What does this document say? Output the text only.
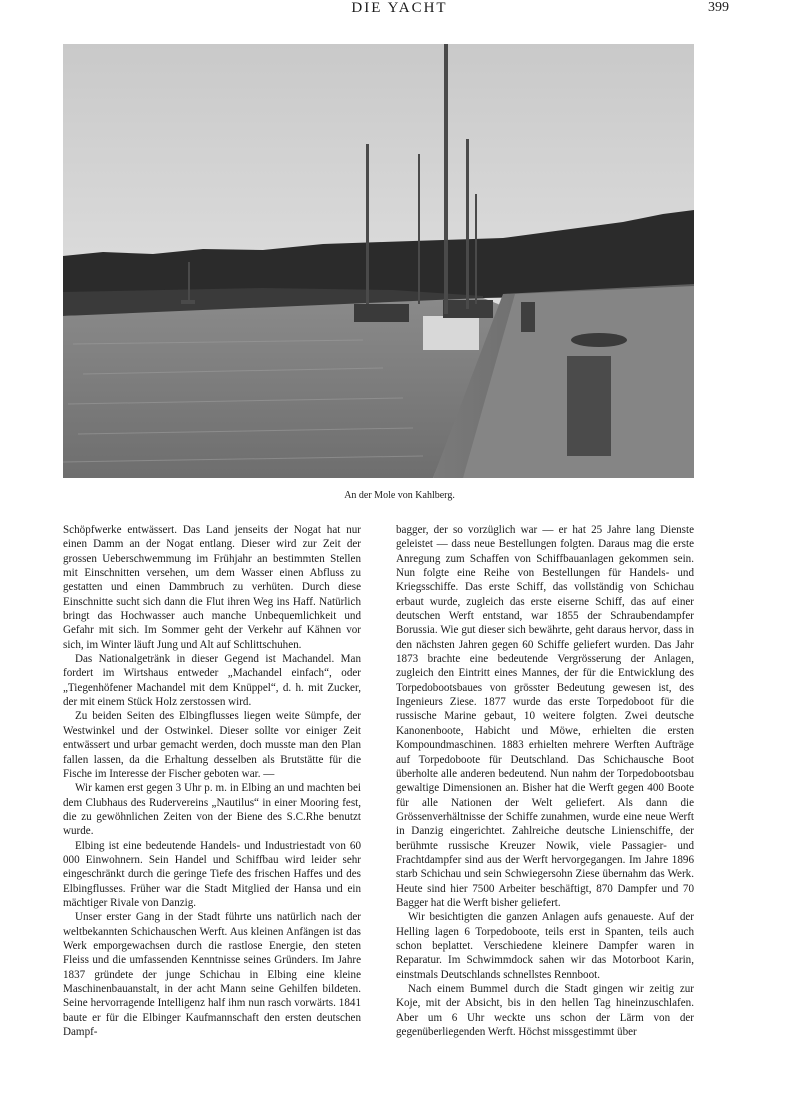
DIE YACHT	399
An der Mole von Kahlberg.

Schöpfwerke entwässert. Das Land jenseits der Nogat hat nur einen Damm an der Nogat entlang. Dieser wird zur Zeit der grossen Ueberschwemmung im Frühjahr an bestimmten Stellen mit Einschnitten versehen, um dem Wasser einen Abfluss zu gestatten und einen Dammbruch zu verhüten. Durch diese Einschnitte sucht sich dann die Flut ihren Weg ins Haff. Natürlich bringt das Hochwasser auch manche Unbequemlichkeit und Gefahr mit sich. Im Sommer geht der Verkehr auf Kähnen vor sich, im Winter läuft Jung und Alt auf Schlittschuhen.

Das Nationalgetränk in dieser Gegend ist Machandel. Man fordert im Wirtshaus entweder „Machandel einfach“, oder „Tiegenhöfener Machandel mit dem Knüppel“, d. h. mit Zucker, der mit einem Stück Holz zerstossen wird.

Zu beiden Seiten des Elbingflusses liegen weite Sümpfe, der Westwinkel und der Ostwinkel. Dieser sollte vor einiger Zeit entwässert und urbar gemacht werden, doch musste man den Plan fallen lassen, da die Erhaltung desselben als Brutstätte für die Fische im Interesse der Fischer geboten war. —

Wir kamen erst gegen 3 Uhr p. m. in Elbing an und machten bei dem Clubhaus des Rudervereins „Nautilus“ in einer Mooring fest, die zu gewöhnlichen Zeiten von der Biene des S.C.Rhe benutzt wurde.

Elbing ist eine bedeutende Handels- und Industriestadt von 60 000 Einwohnern. Sein Handel und Schiffbau wird leider sehr eingeschränkt durch die geringe Tiefe des frischen Haffes und des Elbingflusses. Früher war die Stadt Mitglied der Hansa und ein mächtiger Rivale von Danzig.

Unser erster Gang in der Stadt führte uns natürlich nach der weltbekannten Schichauschen Werft. Aus kleinen Anfängen ist das Werk emporgewachsen durch die rastlose Energie, den steten Fleiss und die umfassenden Kenntnisse seines Gründers. Im Jahre 1837 gründete der junge Schichau in Elbing eine kleine Maschinenbauanstalt, in der acht Mann seine Gehilfen bildeten. Seine hervorragende Intelligenz half ihm nun rasch vorwärts. 1841 baute er für die Elbinger Kaufmannschaft den ersten deutschen Dampf-

bagger, der so vorzüglich war — er hat 25 Jahre lang Dienste geleistet — dass neue Bestellungen folgten. Daraus mag die erste Anregung zum Schaffen von Schiffbauanlagen gekommen sein. Nun folgte eine Reihe von Bestellungen für Handels- und Kriegsschiffe. Das erste Schiff, das vollständig von Schichau erbaut wurde, zugleich das erste eiserne Schiff, das auf einer deutschen Werft entstand, war 1855 der Schraubendampfer Borussia. Wie gut dieser sich bewährte, geht daraus hervor, dass in den nächsten Jahren gegen 60 Schiffe geliefert wurden. Das Jahr 1873 brachte eine bedeutende Vergrösserung der Anlagen, zugleich den Eintritt eines Mannes, der für die Entwicklung des Torpedobootsbaues von grösster Bedeutung gewesen ist, des Ingenieurs Ziese. 1877 wurde das erste Torpedoboot für die russische Marine gebaut, 10 weitere folgten. Zwei deutsche Kanonenboote, Habicht und Möwe, erhielten die ersten Kompoundmaschinen. 1883 erhielten mehrere Werften Aufträge auf Torpedoboote für Deutschland. Das Schichausche Boot überholte alle anderen bedeutend. Nun nahm der Torpedobootsbau gewaltige Dimensionen an. Bisher hat die Werft gegen 400 Boote für alle Nationen der Welt geliefert. Als dann die Grössenverhältnisse der Schiffe zunahmen, wurde eine neue Werft in Danzig eingerichtet. Zahlreiche deutsche Linienschiffe, der berühmte russische Kreuzer Nowik, viele Passagier- und Frachtdampfer sind aus der Werft hervorgegangen. Im Jahre 1896 starb Schichau und sein Schwiegersohn Ziese übernahm das Werk. Heute sind hier 7500 Arbeiter beschäftigt, 870 Dampfer und 70 Bagger hat die Werft bisher geliefert.

Wir besichtigten die ganzen Anlagen aufs genaueste. Auf der Helling lagen 6 Torpedoboote, teils erst in Spanten, teils auch schon beplattet. Verschiedene kleinere Dampfer waren in Reparatur. Im Schwimmdock sahen wir das Motorboot Karin, einstmals Deutschlands schnellstes Rennboot.

Nach einem Bummel durch die Stadt gingen wir zeitig zur Koje, mit der Absicht, bis in den hellen Tag hineinzuschlafen. Aber um 6 Uhr weckte uns schon der Lärm von der gegenüberliegenden Werft. Höchst missgestimmt über
